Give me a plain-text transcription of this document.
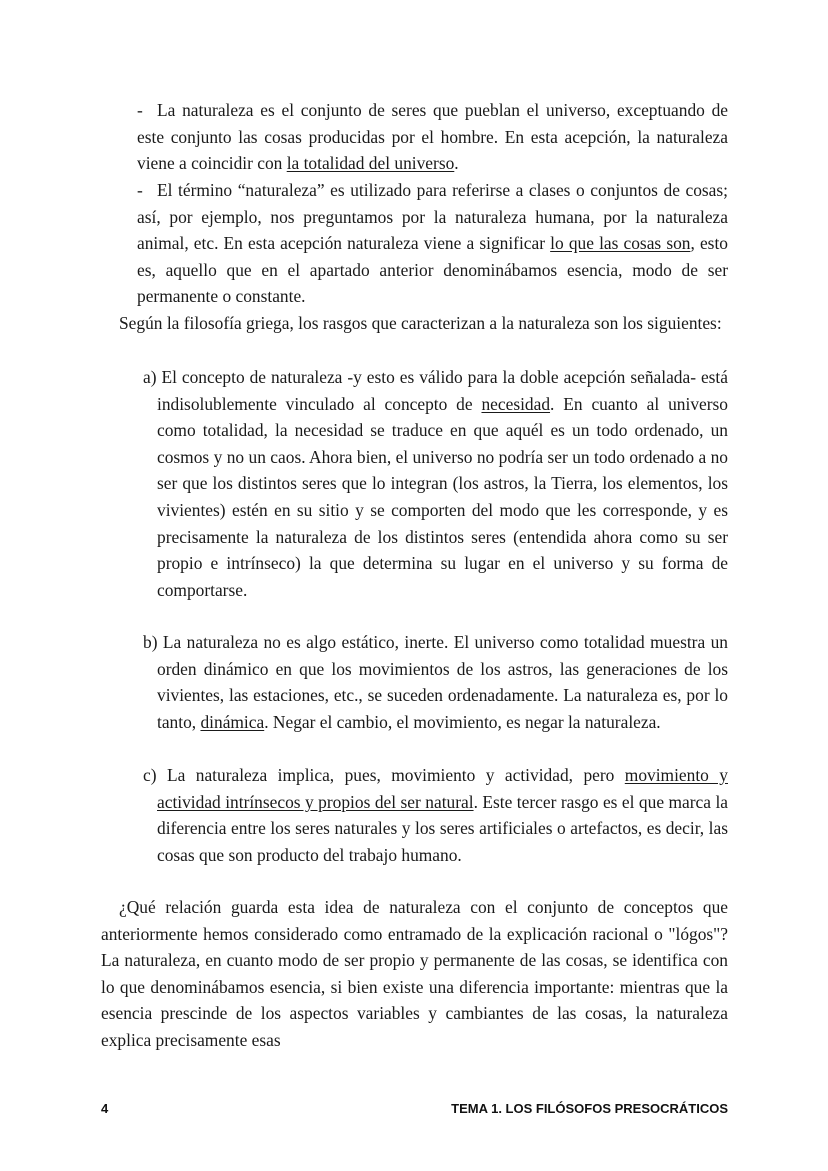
- La naturaleza es el conjunto de seres que pueblan el universo, exceptuando de este conjunto las cosas producidas por el hombre. En esta acepción, la naturaleza viene a coincidir con la totalidad del universo.

- El término “naturaleza” es utilizado para referirse a clases o conjuntos de cosas; así, por ejemplo, nos preguntamos por la naturaleza humana, por la naturaleza animal, etc. En esta acepción naturaleza viene a significar lo que las cosas son, esto es, aquello que en el apartado anterior denominábamos esencia, modo de ser permanente o constante.

Según la filosofía griega, los rasgos que caracterizan a la naturaleza son los siguientes:

a) El concepto de naturaleza -y esto es válido para la doble acepción señalada- está indisolublemente vinculado al concepto de necesidad. En cuanto al universo como totalidad, la necesidad se traduce en que aquél es un todo ordenado, un cosmos y no un caos. Ahora bien, el universo no podría ser un todo ordenado a no ser que los distintos seres que lo integran (los astros, la Tierra, los elementos, los vivientes) estén en su sitio y se comporten del modo que les corresponde, y es precisamente la naturaleza de los distintos seres (entendida ahora como su ser propio e intrínseco) la que determina su lugar en el universo y su forma de comportarse.

b) La naturaleza no es algo estático, inerte. El universo como totalidad muestra un orden dinámico en que los movimientos de los astros, las generaciones de los vivientes, las estaciones, etc., se suceden ordenadamente. La naturaleza es, por lo tanto, dinámica. Negar el cambio, el movimiento, es negar la naturaleza.

c) La naturaleza implica, pues, movimiento y actividad, pero movimiento y actividad intrínsecos y propios del ser natural. Este tercer rasgo es el que marca la diferencia entre los seres naturales y los seres artificiales o artefactos, es decir, las cosas que son producto del trabajo humano.

¿Qué relación guarda esta idea de naturaleza con el conjunto de conceptos que anteriormente hemos considerado como entramado de la explicación racional o "lógos"? La naturaleza, en cuanto modo de ser propio y permanente de las cosas, se identifica con lo que denominábamos esencia, si bien existe una diferencia importante: mientras que la esencia prescinde de los aspectos variables y cambiantes de las cosas, la naturaleza explica precisamente esas

4	TEMA 1. LOS FILÓSOFOS PRESOCRÁTICOS
